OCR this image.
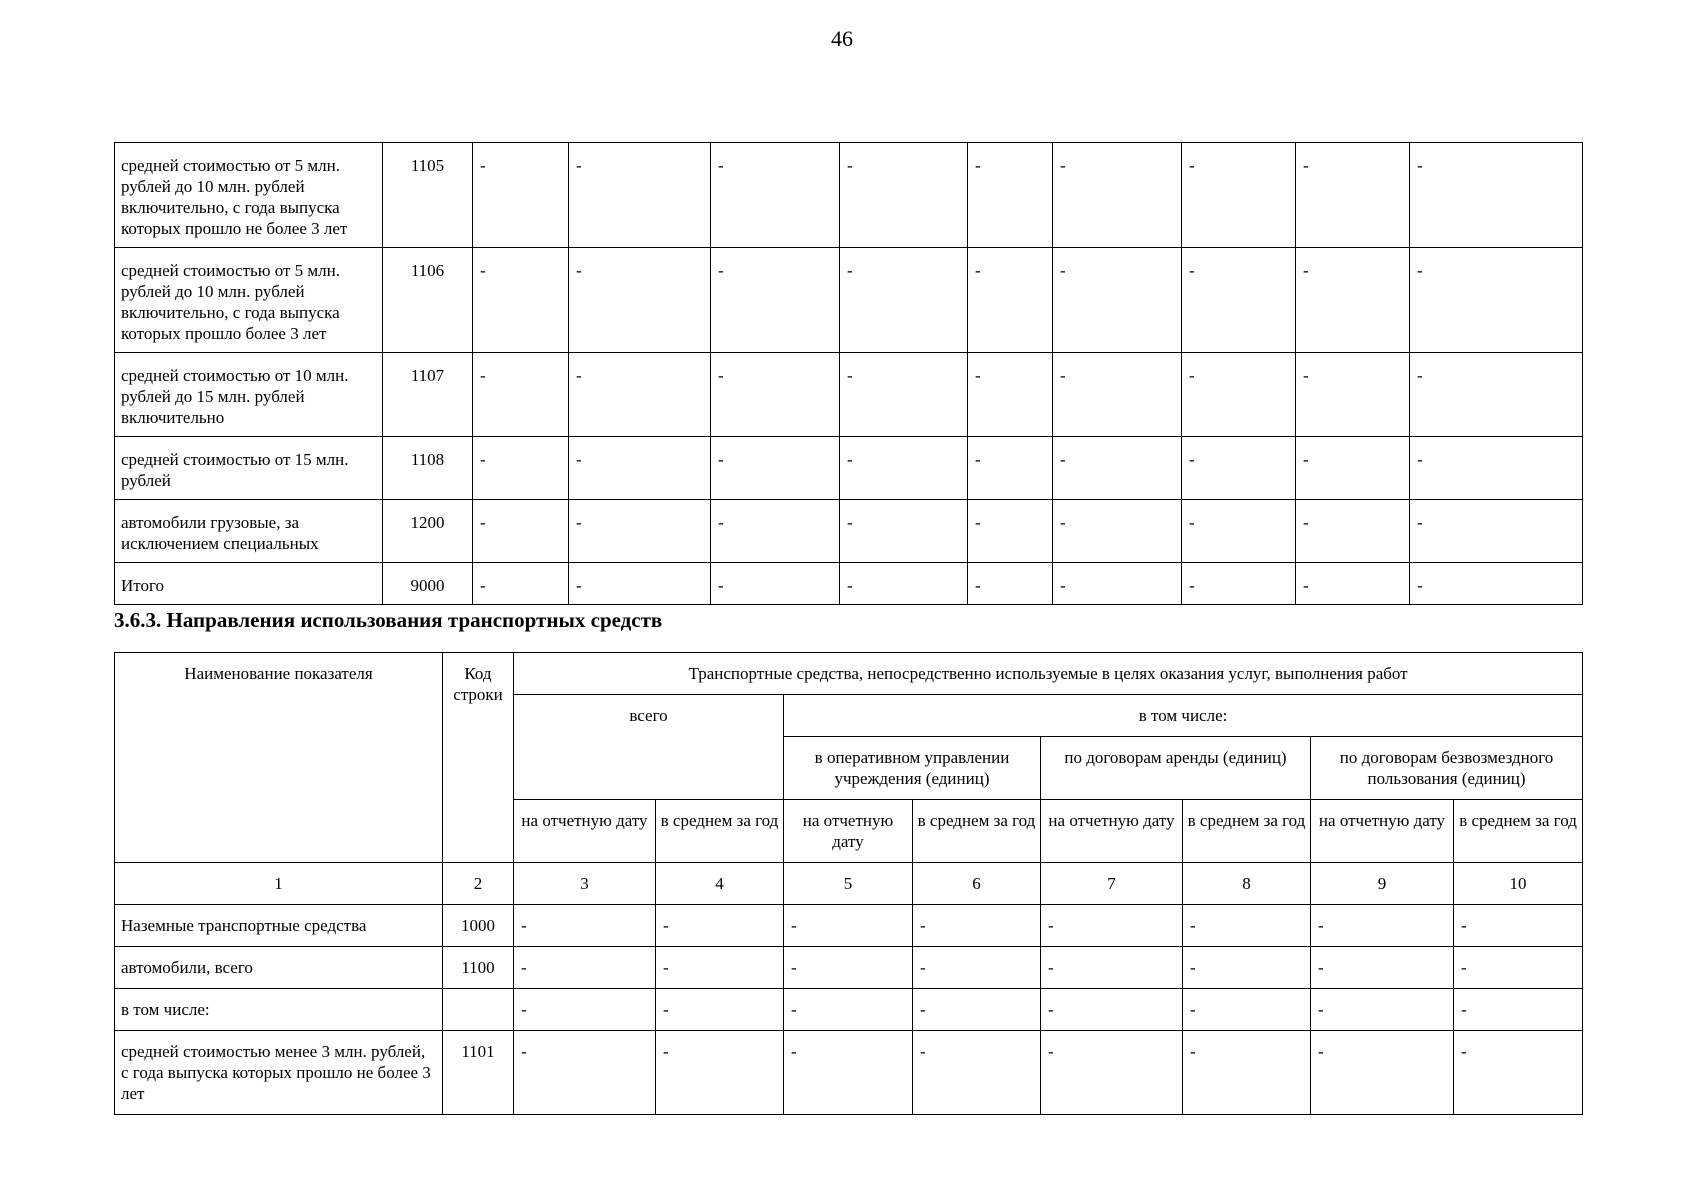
46
средней стоимостью от 5 млн. рублей до 10 млн. рублей включительно, с года выпуска которых прошло не более 3 лет	1105	-	-	-	-	-	-	-	-	-
средней стоимостью от 5 млн. рублей до 10 млн. рублей включительно, с года выпуска которых прошло более 3 лет	1106	-	-	-	-	-	-	-	-	-
средней стоимостью от 10 млн. рублей до 15 млн. рублей включительно	1107	-	-	-	-	-	-	-	-	-
средней стоимостью от 15 млн. рублей	1108	-	-	-	-	-	-	-	-	-
автомобили грузовые, за исключением специальных	1200	-	-	-	-	-	-	-	-	-
Итого	9000	-	-	-	-	-	-	-	-	-
3.6.3. Направления использования транспортных средств
Наименование показателя	Код строки	Транспортные средства, непосредственно используемые в целях оказания услуг, выполнения работ							
		всего		в том числе:					
				в оперативном управлении учреждения (единиц)		по договорам аренды (единиц)		по договорам безвозмездного пользования (единиц)	
		на отчетную дату	в среднем за год	на отчетную дату	в среднем за год	на отчетную дату	в среднем за год	на отчетную дату	в среднем за год
1	2	3	4	5	6	7	8	9	10
Наземные транспортные средства	1000	-	-	-	-	-	-	-	-
автомобили, всего	1100	-	-	-	-	-	-	-	-
в том числе:		-	-	-	-	-	-	-	-
средней стоимостью менее 3 млн. рублей, с года выпуска которых прошло не более 3 лет	1101	-	-	-	-	-	-	-	-
